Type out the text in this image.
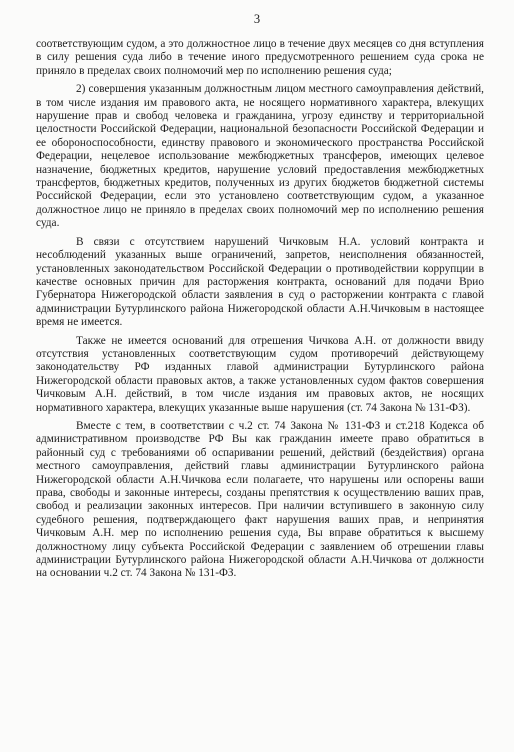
3

соответствующим судом, а это должностное лицо в течение двух месяцев со дня вступления в силу решения суда либо в течение иного предусмотренного решением суда срока не приняло в пределах своих полномочий мер по исполнению решения суда;

2) совершения указанным должностным лицом местного самоуправления действий, в том числе издания им правового акта, не носящего нормативного характера, влекущих нарушение прав и свобод человека и гражданина, угрозу единству и территориальной целостности Российской Федерации, национальной безопасности Российской Федерации и ее обороноспособности, единству правового и экономического пространства Российской Федерации, нецелевое использование межбюджетных трансферов, имеющих целевое назначение, бюджетных кредитов, нарушение условий предоставления межбюджетных трансфертов, бюджетных кредитов, полученных из других бюджетов бюджетной системы Российской Федерации, если это установлено соответствующим судом, а указанное должностное лицо не приняло в пределах своих полномочий мер по исполнению решения суда.

В связи с отсутствием нарушений Чичковым Н.А. условий контракта и несоблюдений указанных выше ограничений, запретов, неисполнения обязанностей, установленных законодательством Российской Федерации о противодействии коррупции в качестве основных причин для расторжения контракта, оснований для подачи Врио Губернатора Нижегородской области заявления в суд о расторжении контракта с главой администрации Бутурлинского района Нижегородской области А.Н.Чичковым в настоящее время не имеется.

Также не имеется оснований для отрешения Чичкова А.Н. от должности ввиду отсутствия установленных соответствующим судом противоречий действующему законодательству РФ изданных главой администрации Бутурлинского района Нижегородской области правовых актов, а также установленных судом фактов совершения Чичковым А.Н. действий, в том числе издания им правовых актов, не носящих нормативного характера, влекущих указанные выше нарушения (ст. 74 Закона № 131-ФЗ).

Вместе с тем, в соответствии с ч.2 ст. 74 Закона № 131-ФЗ и ст.218 Кодекса об административном производстве РФ Вы как гражданин имеете право обратиться в районный суд с требованиями об оспаривании решений, действий (бездействия) органа местного самоуправления, действий главы администрации Бутурлинского района Нижегородской области А.Н.Чичкова если полагаете, что нарушены или оспорены ваши права, свободы и законные интересы, созданы препятствия к осуществлению ваших прав, свобод и реализации законных интересов. При наличии вступившего в законную силу судебного решения, подтверждающего факт нарушения ваших прав, и непринятия Чичковым А.Н. мер по исполнению решения суда, Вы вправе обратиться к высшему должностному лицу субъекта Российской Федерации с заявлением об отрешении главы администрации Бутурлинского района Нижегородской области А.Н.Чичкова от должности на основании ч.2 ст. 74 Закона № 131-ФЗ.
